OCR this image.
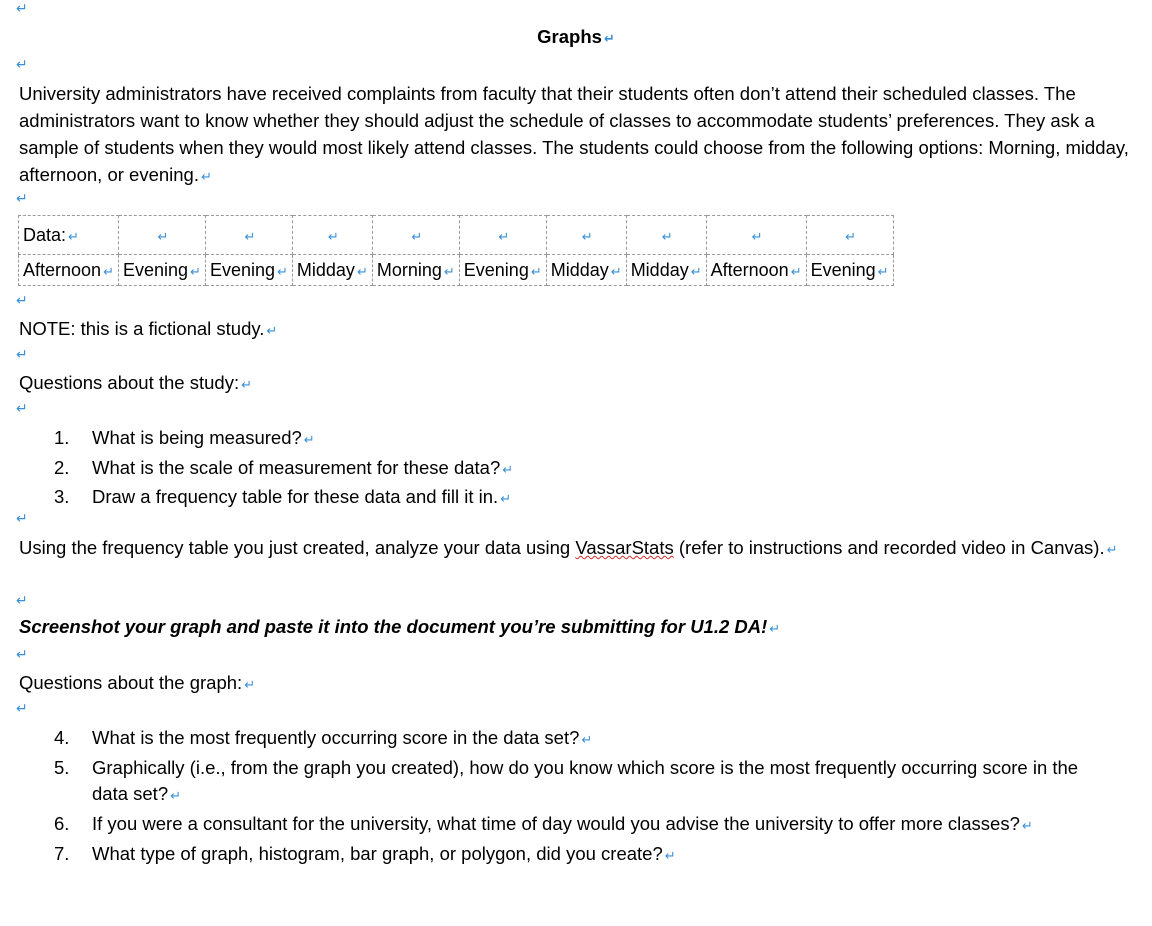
↵
↵
↵
↵
↵
↵
↵
↵
↵
↵
Graphs ↵
University administrators have received complaints from faculty that their students often don’t attend their scheduled classes. The administrators want to know whether they should adjust the schedule of classes to accommodate students’ preferences. They ask a sample of students when they would most likely attend classes. The students could choose from the following options: Morning, midday, afternoon, or evening. ↵
Data: ↵	↵	↵	↵	↵	↵	↵	↵	↵	↵
Afternoon ↵	Evening ↵	Evening ↵	Midday ↵	Morning ↵	Evening ↵	Midday ↵	Midday ↵	Afternoon ↵	Evening ↵
NOTE: this is a fictional study. ↵
Questions about the study: ↵
1. What is being measured? ↵
2. What is the scale of measurement for these data? ↵
3. Draw a frequency table for these data and fill it in. ↵
Using the frequency table you just created, analyze your data using VassarStats (refer to instructions and recorded video in Canvas). ↵
Screenshot your graph and paste it into the document you’re submitting for U1.2 DA! ↵
Questions about the graph: ↵
4. What is the most frequently occurring score in the data set? ↵
5. Graphically (i.e., from the graph you created), how do you know which score is the most frequently occurring score in the data set? ↵
6. If you were a consultant for the university, what time of day would you advise the university to offer more classes? ↵
7. What type of graph, histogram, bar graph, or polygon, did you create? ↵
